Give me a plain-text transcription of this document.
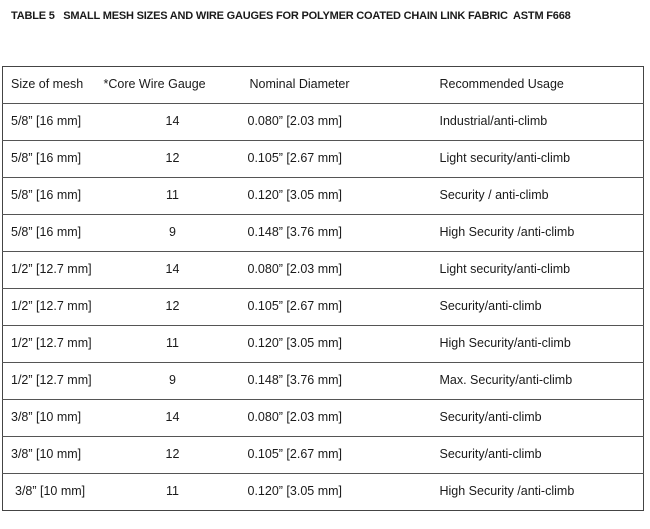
TABLE 5   SMALL MESH SIZES AND WIRE GAUGES FOR POLYMER COATED CHAIN LINK FABRIC  ASTM F668
Size of mesh	*Core Wire Gauge	Nominal Diameter	Recommended Usage
5/8” [16 mm]	14	0.080” [2.03 mm]	Industrial/anti-climb
5/8” [16 mm]	12	0.105” [2.67 mm]	Light security/anti-climb
5/8” [16 mm]	11	0.120” [3.05 mm]	Security / anti-climb
5/8” [16 mm]	9	0.148” [3.76 mm]	High Security /anti-climb
1/2” [12.7 mm]	14	0.080” [2.03 mm]	Light security/anti-climb
1/2” [12.7 mm]	12	0.105” [2.67 mm]	Security/anti-climb
1/2” [12.7 mm]	11	0.120” [3.05 mm]	High Security/anti-climb
1/2” [12.7 mm]	9	0.148” [3.76 mm]	Max. Security/anti-climb
3/8” [10 mm]	14	0.080” [2.03 mm]	Security/anti-climb
3/8” [10 mm]	12	0.105” [2.67 mm]	Security/anti-climb
3/8” [10 mm]	11	0.120” [3.05 mm]	High Security /anti-climb
